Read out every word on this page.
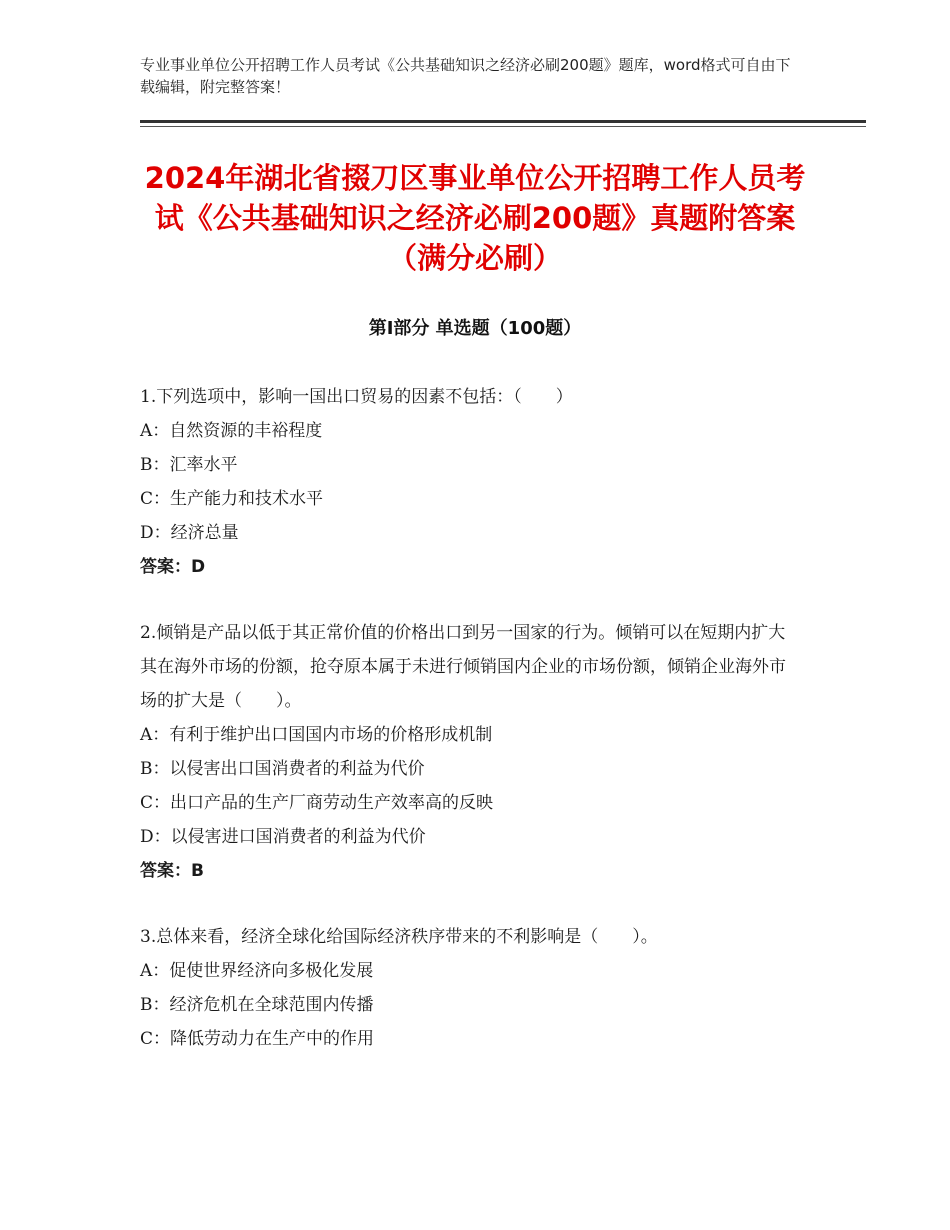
专业事业单位公开招聘工作人员考试《公共基础知识之经济必刷200题》题库，word格式可自由下载编辑，附完整答案！
2024年湖北省掇刀区事业单位公开招聘工作人员考试《公共基础知识之经济必刷200题》真题附答案（满分必刷）
第Ⅰ部分 单选题（100题）
1.下列选项中，影响一国出口贸易的因素不包括：（　　）
A：自然资源的丰裕程度
B：汇率水平
C：生产能力和技术水平
D：经济总量
答案：D
2.倾销是产品以低于其正常价值的价格出口到另一国家的行为。倾销可以在短期内扩大其在海外市场的份额，抢夺原本属于未进行倾销国内企业的市场份额，倾销企业海外市场的扩大是（　　）。
A：有利于维护出口国国内市场的价格形成机制
B：以侵害出口国消费者的利益为代价
C：出口产品的生产厂商劳动生产效率高的反映
D：以侵害进口国消费者的利益为代价
答案：B
3.总体来看，经济全球化给国际经济秩序带来的不利影响是（　　）。
A：促使世界经济向多极化发展
B：经济危机在全球范围内传播
C：降低劳动力在生产中的作用
